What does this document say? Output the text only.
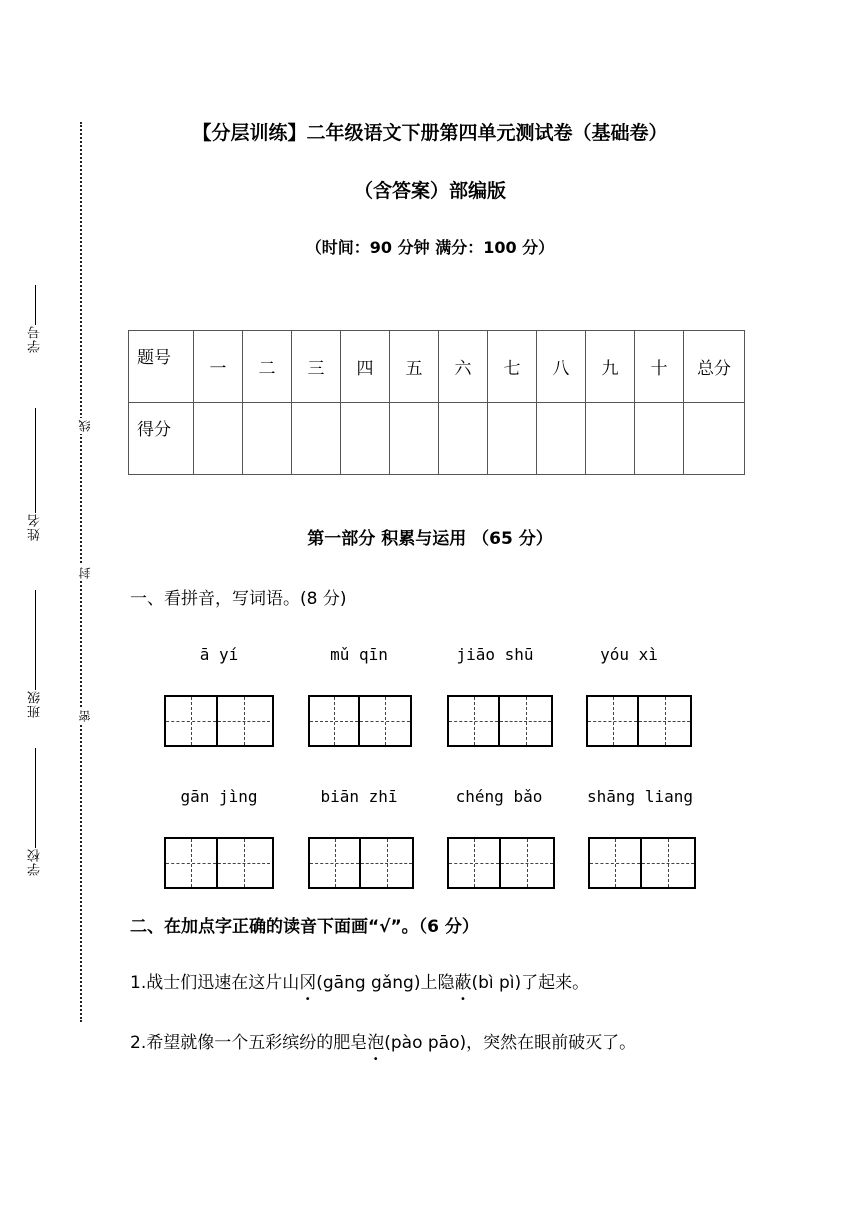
学号
姓名
班级
学校
线
封
密
【分层训练】二年级语文下册第四单元测试卷（基础卷）
（含答案）部编版
（时间：90 分钟 满分：100 分）
题号	一	二	三	四	五	六	七	八	九	十	总分
得分											
第一部分 积累与运用 （65 分）
一、看拼音，写词语。(8 分)
ā yí	mǔ qīn	jiāo shū	yóu xì
gān jìng	biān zhī	chéng bǎo	shāng liang
二、在加点字正确的读音下面画“√”。（6 分）
1.战士们迅速在这片山冈(gāng gǎng)上隐蔽(bì pì)了起来。
2.希望就像一个五彩缤纷的肥皂泡(pào pāo)，突然在眼前破灭了。
